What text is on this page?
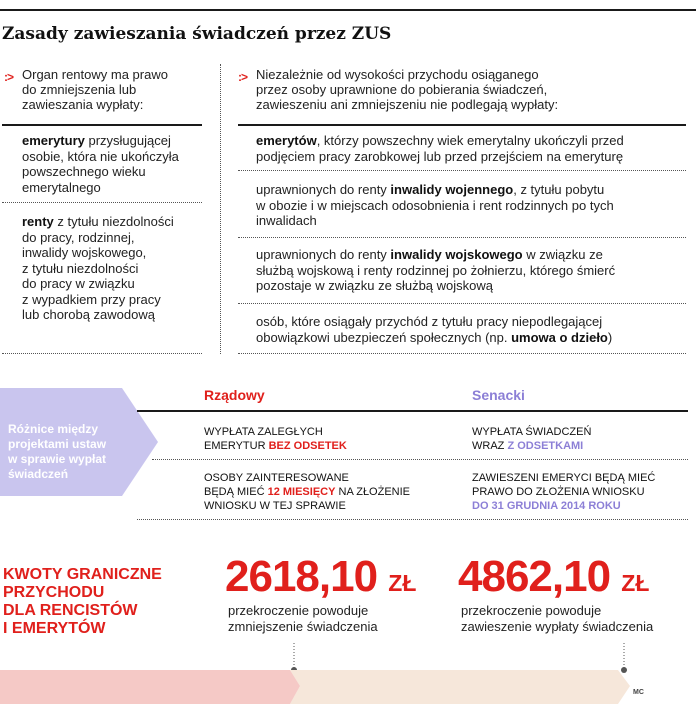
Zasady zawieszania świadczeń przez ZUS
:> Organ rentowy ma prawo
do zmniejszenia lub
zawieszania wypłaty:
emerytury przysługującej
osobie, która nie ukończyła
powszechnego wieku
emerytalnego
renty z tytułu niezdolności
do pracy, rodzinnej,
inwalidy wojskowego,
z tytułu niezdolności
do pracy w związku
z wypadkiem przy pracy
lub chorobą zawodową
:> Niezależnie od wysokości przychodu osiąganego
przez osoby uprawnione do pobierania świadczeń,
zawieszeniu ani zmniejszeniu nie podlegają wypłaty:
emerytów, którzy powszechny wiek emerytalny ukończyli przed
podjęciem pracy zarobkowej lub przed przejściem na emeryturę
uprawnionych do renty inwalidy wojennego, z tytułu pobytu
w obozie i w miejscach odosobnienia i rent rodzinnych po tych
inwalidach
uprawnionych do renty inwalidy wojskowego w związku ze
służbą wojskową i renty rodzinnej po żołnierzu, którego śmierć
pozostaje w związku ze służbą wojskową
osób, które osiągały przychód z tytułu pracy niepodlegającej
obowiązkowi ubezpieczeń społecznych (np. umowa o dzieło)
Różnice między
projektami ustaw
w sprawie wypłat
świadczeń
Rządowy	Senacki
WYPŁATA ZALEGŁYCH
EMERYTUR BEZ ODSETEK
WYPŁATA ŚWIADCZEŃ
WRAZ Z ODSETKAMI
OSOBY ZAINTERESOWANE
BĘDĄ MIEĆ 12 MIESIĘCY NA ZŁOŻENIE
WNIOSKU W TEJ SPRAWIE
ZAWIESZENI EMERYCI BĘDĄ MIEĆ
PRAWO DO ZŁOŻENIA WNIOSKU
DO 31 GRUDNIA 2014 ROKU
KWOTY GRANICZNE
PRZYCHODU
DLA RENCISTÓW
I EMERYTÓW
2618,10 ZŁ
przekroczenie powoduje
zmniejszenie świadczenia
4862,10 ZŁ
przekroczenie powoduje
zawieszenie wypłaty świadczenia
MC
